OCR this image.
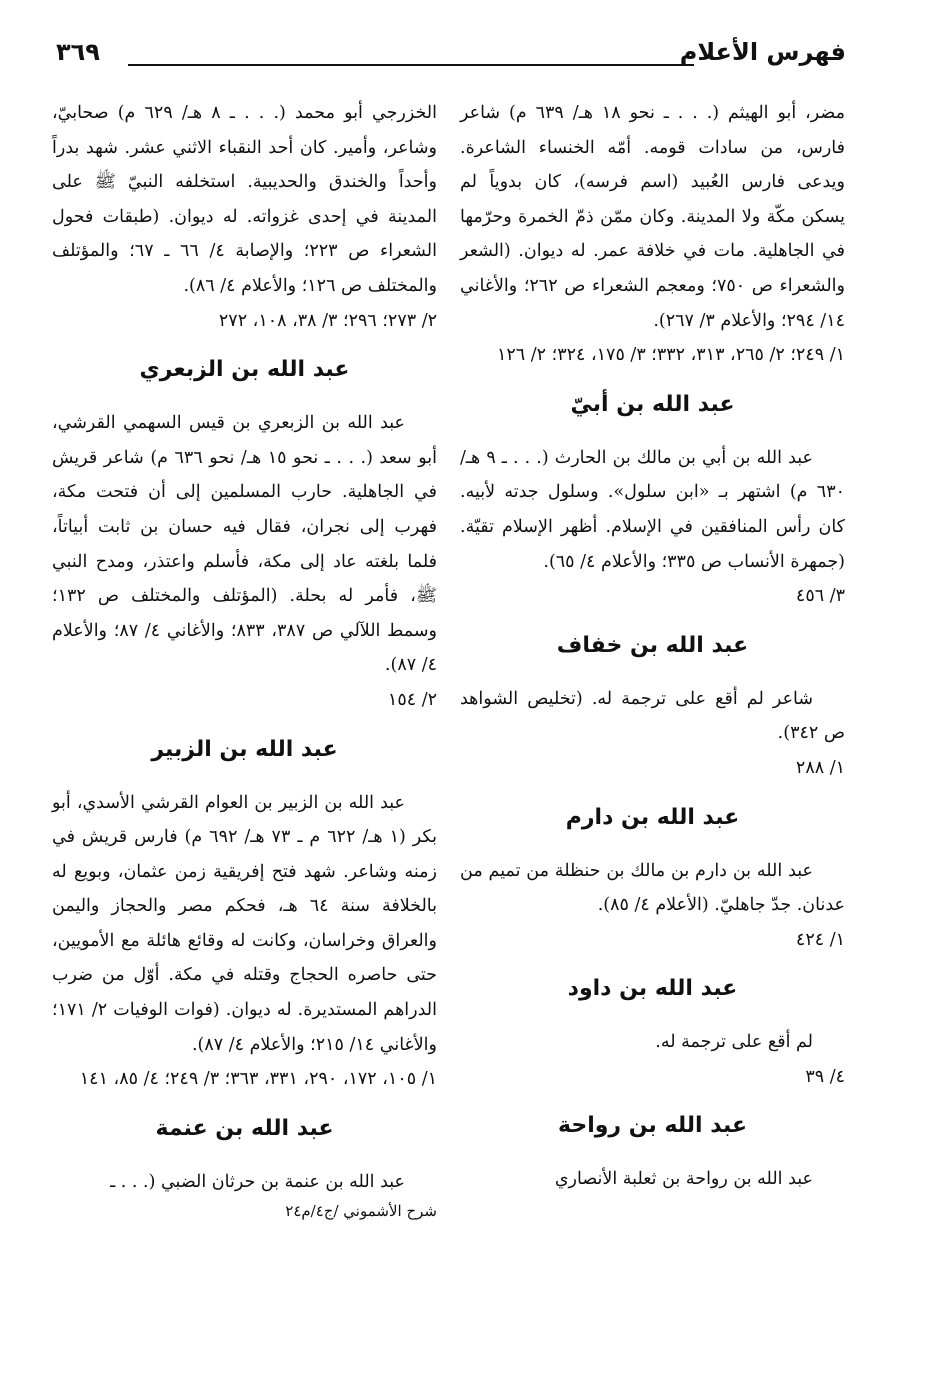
فهرس الأعلام
٣٦٩

مضر، أبو الهيثم (. . . ـ نحو ١٨ هـ/ ٦٣٩ م) شاعر فارس، من سادات قومه. أمّه الخنساء الشاعرة. ويدعى فارس العُبيد (اسم فرسه)، كان بدوياً لم يسكن مكّة ولا المدينة. وكان ممّن ذمّ الخمرة وحرّمها في الجاهلية. مات في خلافة عمر. له ديوان. (الشعر والشعراء ص ٧٥٠؛ ومعجم الشعراء ص ٢٦٢؛ والأغاني ١٤/ ٢٩٤؛ والأعلام ٣/ ٢٦٧).

١/ ٢٤٩؛ ٢/ ٢٦٥، ٣١٣، ٣٣٢؛ ٣/ ١٧٥، ٣٢٤؛ ٢/ ١٢٦

عبد الله بن أبيّ

عبد الله بن أبي بن مالك بن الحارث (. . . ـ ٩ هـ/ ٦٣٠ م) اشتهر بـ «ابن سلول». وسلول جدته لأبيه. كان رأس المنافقين في الإسلام. أظهر الإسلام تقيّة. (جمهرة الأنساب ص ٣٣٥؛ والأعلام ٤/ ٦٥).

٣/ ٤٥٦

عبد الله بن خفاف

شاعر لم أقع على ترجمة له. (تخليص الشواهد ص ٣٤٢).

١/ ٢٨٨

عبد الله بن دارم

عبد الله بن دارم بن مالك بن حنظلة من تميم من عدنان. جدّ جاهليّ. (الأعلام ٤/ ٨٥).

١/ ٤٢٤

عبد الله بن داود

لم أقع على ترجمة له.

٤/ ٣٩

عبد الله بن رواحة

عبد الله بن رواحة بن ثعلبة الأنصاري

الخزرجي أبو محمد (. . . ـ ٨ هـ/ ٦٢٩ م) صحابيّ، وشاعر، وأمير. كان أحد النقباء الاثني عشر. شهد بدراً وأحداً والخندق والحديبية. استخلفه النبيّ ﷺ على المدينة في إحدى غزواته. له ديوان. (طبقات فحول الشعراء ص ٢٢٣؛ والإصابة ٤/ ٦٦ ـ ٦٧؛ والمؤتلف والمختلف ص ١٢٦؛ والأعلام ٤/ ٨٦).

٢/ ٢٧٣؛ ٢٩٦؛ ٣/ ٣٨، ١٠٨، ٢٧٢

عبد الله بن الزبعري

عبد الله بن الزبعري بن قيس السهمي القرشي، أبو سعد (. . . ـ نحو ١٥ هـ/ نحو ٦٣٦ م) شاعر قريش في الجاهلية. حارب المسلمين إلى أن فتحت مكة، فهرب إلى نجران، فقال فيه حسان بن ثابت أبياتاً، فلما بلغته عاد إلى مكة، فأسلم واعتذر، ومدح النبي ﷺ، فأمر له بحلة. (المؤتلف والمختلف ص ١٣٢؛ وسمط اللآلي ص ٣٨٧، ٨٣٣؛ والأغاني ٤/ ٨٧؛ والأعلام ٤/ ٨٧).

٢/ ١٥٤

عبد الله بن الزبير

عبد الله بن الزبير بن العوام القرشي الأسدي، أبو بكر (١ هـ/ ٦٢٢ م ـ ٧٣ هـ/ ٦٩٢ م) فارس قريش في زمنه وشاعر. شهد فتح إفريقية زمن عثمان، وبويع له بالخلافة سنة ٦٤ هـ، فحكم مصر والحجاز واليمن والعراق وخراسان، وكانت له وقائع هائلة مع الأمويين، حتى حاصره الحجاج وقتله في مكة. أوّل من ضرب الدراهم المستديرة. له ديوان. (فوات الوفيات ٢/ ١٧١؛ والأغاني ١٤/ ٢١٥؛ والأعلام ٤/ ٨٧).

١/ ١٠٥، ١٧٢، ٢٩٠، ٣٣١، ٣٦٣؛ ٣/ ٢٤٩؛ ٤/ ٨٥، ١٤١

عبد الله بن عنمة

عبد الله بن عنمة بن حرثان الضبي (. . . ـ

شرح الأشموني /ج٤/م٢٤
